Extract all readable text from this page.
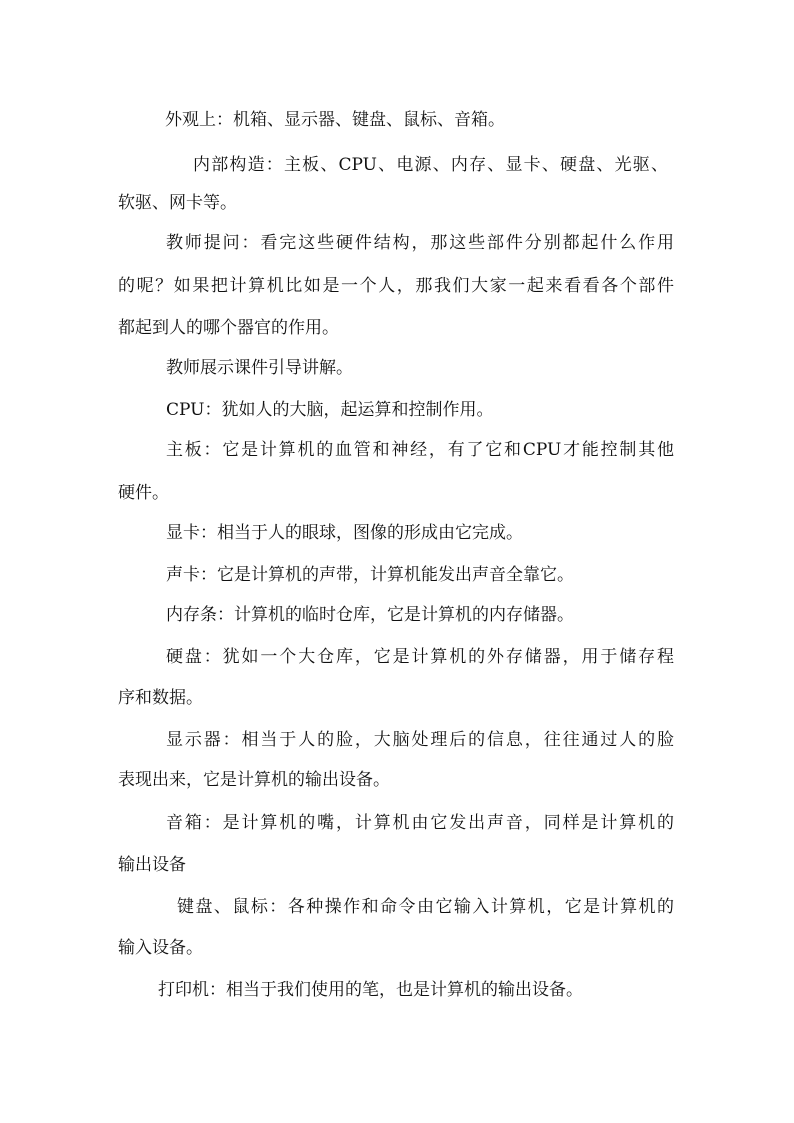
外观上：机箱、显示器、键盘、鼠标、音箱。
内部构造：主板、CPU、电源、内存、显卡、硬盘、光驱、
软驱、网卡等。
教师提问：看完这些硬件结构，那这些部件分别都起什么作用
的呢？如果把计算机比如是一个人，那我们大家一起来看看各个部件
都起到人的哪个器官的作用。
教师展示课件引导讲解。
CPU：犹如人的大脑，起运算和控制作用。
主板：它是计算机的血管和神经，有了它和CPU才能控制其他
硬件。
显卡：相当于人的眼球，图像的形成由它完成。
声卡：它是计算机的声带，计算机能发出声音全靠它。
内存条：计算机的临时仓库，它是计算机的内存储器。
硬盘：犹如一个大仓库，它是计算机的外存储器，用于储存程
序和数据。
显示器：相当于人的脸，大脑处理后的信息，往往通过人的脸
表现出来，它是计算机的输出设备。
音箱：是计算机的嘴，计算机由它发出声音，同样是计算机的
输出设备
键盘、鼠标：各种操作和命令由它输入计算机，它是计算机的
输入设备。
打印机：相当于我们使用的笔，也是计算机的输出设备。
